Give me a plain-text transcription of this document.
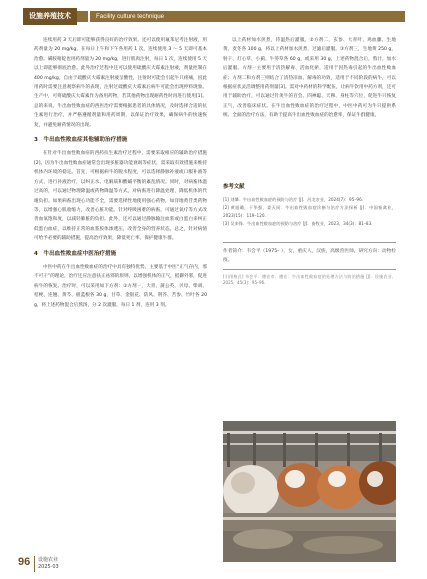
设施养殖技术	Facility culture technique

连续用药 3 天后即可能够获得良好的治疗效果。还可以使用氟苯尼考注射液，用药剂量为 20 mg/kg，在每日上午和下午各用药 1 次，连续使用 3 ～ 5 天即可基本治愈。磺胺嘧啶也用药剂量为 20 mg/kg，进行肌肉注射，每日 1 次，连续使用 5 天以上即能够彻底治愈。此外治疗过程中还可以使用硫酸庆大霉素注射液，剂量控制在 400 mg/kg，自由于硫酸庆大霉素注射液呈酸性，注射时可能会引起牛只疼痛，因此用药时需要注意观察病牛的表现，注射过硫酸庆大霉素后病牛可能会出现停料现象。生产中，可将硫酸庆大霉素作为备用药物，若其他药物出现耐药性时再进行使用[1]。总的来说，牛出血性败血症的西医治疗需要根据患者的具体情况，及时选择合适的抗生素进行治疗，并严格遵循剂量和用药周期，以保证治疗效果，确保病牛的快速恢复，并避免耐药情况的出现。

3　牛出血性败血症其他辅助治疗措施

在针对牛出血性败血症的西药抗生素治疗过程中，需要采取相应的辅助治疗措施[2]。因为牛出血性败血症通常会出现多脏器功能衰竭等症状，需采取有效措施来维持机体内环境的稳定。首先，可根据病牛的脱水程度，可以选择静脉补液或口服补液等方式，进行补液治疗，以纠正水、电解质和酸碱平衡的紊乱情况。同时，对病畜体温过高的，可以通过物理降温或药物降温等方式，对病畜进行降温处理，降低机体的代谢负担。如果病畜出现心功能不全，需要选择性地使用强心药物，如洋地黄苷类药物等，以增强心肌收缩力，改善心脏功能。针对呼吸困难的病畜，可通过氧疗等方式改善血氧饱和度，以减轻肺脏的负担。此外，还可以通过静脉输注血浆或白蛋白来纠正低蛋白血症，以维持正常的血浆胶体渗透压，改善全身的营养状态。总之，针对病情可给予必要的辅助措施，提高治疗效果，降低死亡率，保护健康牛群。

4　牛出血性败血症中医治疗措施

中医中药在牛出血性败血症的治疗中具有独特优势。主要基于中医“正气存内，邪不可干”的理论，治疗还应注意扶正祛邪的原则，以增强机体的正气，抵御外邪，促进病牛的恢复。治疗时，可以采用如下方剂：①方剂一，大青、蒲公英、贝母、柴胡、桔梗、连翘、黄芩、板蓝根各 30 g，甘草、金银花、防风、荆芥、苦参、竹叶各 20 g，将上述药物混合后熬汤，分 2 次灌服，每日 1 剂，连用 3 剂。

以上药材加水煎煮，待温热后灌服。②方剂二，玄参、大青叶、鸡血藤、生地黄、麦冬各 100 g，将以上药材加水煎煮，过滤后灌服。③方剂三，生地黄 250 g，射干、灯心草、小蓟、牛蒡草各 60 g，或采用 30 g，上述药物混合后，熬汁，加水后灌服。方剂一主要用于清热解毒、活血化瘀，适用于因热毒引起的牛出血性败血症；方剂二和方剂三则结合了清热凉血、解毒的功效，适用于不同阶段的病牛，可以根据症状灵活调整用药剂量[3]。需对中药材的科学配伍，让病牛饮用中药方剂，还可用于辅助治疗，可以通过针灸牛的百会、四神聪、天穆、身柱等穴位，促进牛只恢复正气，改善临床症状。在牛出血性败血症的治疗过程中，中医中药可为牛只提供系统、全面的治疗方法，有助于提高牛出血性败血症的治愈率，保证牛群健康。

参考文献
[1] 刘肇．牛出血性败血症的预防与治疗 [J]．河北农业，2024(7)：95–96.
[2] 黄旭璐，于华强，姜天同．牛出血性败血症诊断与治疗方法探析 [J]．中国畜禽业，2023(15)：119–120.
[3] 吴来锋．牛出血性败血症的预防与治疗 [J]．畜牧业，2023，34(3)：81–83.
作者简介：韦会平（1975– ），女，重庆人，汉族，高级兽医师，研究方向：动物检疫。
[引用格式] 韦会平．德宏市．德宏：牛出血性败血症的处理方法与防治措施 [J]．设施农业，2025，45(3)：95–96.
96 设施农业
2025·03
